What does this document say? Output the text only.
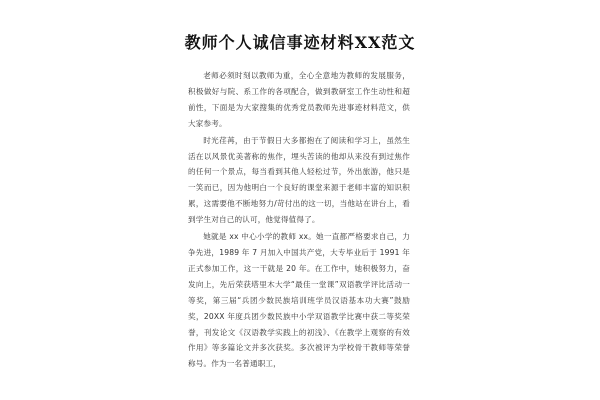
教师个人诚信事迹材料XX范文

老师必须时刻以教师为重，全心全意地为教师的发展服务，积极做好与院、系工作的各项配合，做到教研室工作生动性和超前性，下面是为大家搜集的优秀党员教师先进事迹材料范文，供大家参考。

时光荏苒，由于节假日大多都抱在了阅读和学习上，虽然生活在以风景优美著称的焦作，埋头苦读的他却从来没有到过焦作的任何一个景点，每当看到其他人轻松过节，外出旅游，他只是一笑而已，因为他明白一个良好的课堂来源于老师丰富的知识积累，这需要他不断地努力/苛付出的这一切，当他站在讲台上，看到学生对自己的认可，他觉得值得了。

她就是 xx 中心小学的教师 xx。她一直都严格要求自己，力争先进，1989 年 7 月加入中国共产党，大专毕业后于 1991 年正式参加工作，这一干就是 20 年。在工作中，她积极努力，奋发向上，先后荣获塔里木大学“最佳一堂课”双语教学评比活动一等奖，第三届“兵团少数民族培训班学员汉语基本功大赛”鼓励奖，20XX 年度兵团少数民族中小学双语教学比赛中获二等奖荣誉，刊发论文《汉语教学实践上的初浅》、《在教学上观察的有效作用》等多篇论文并多次获奖。多次被评为学校骨干教师等荣誉称号。作为一名普通职工，
